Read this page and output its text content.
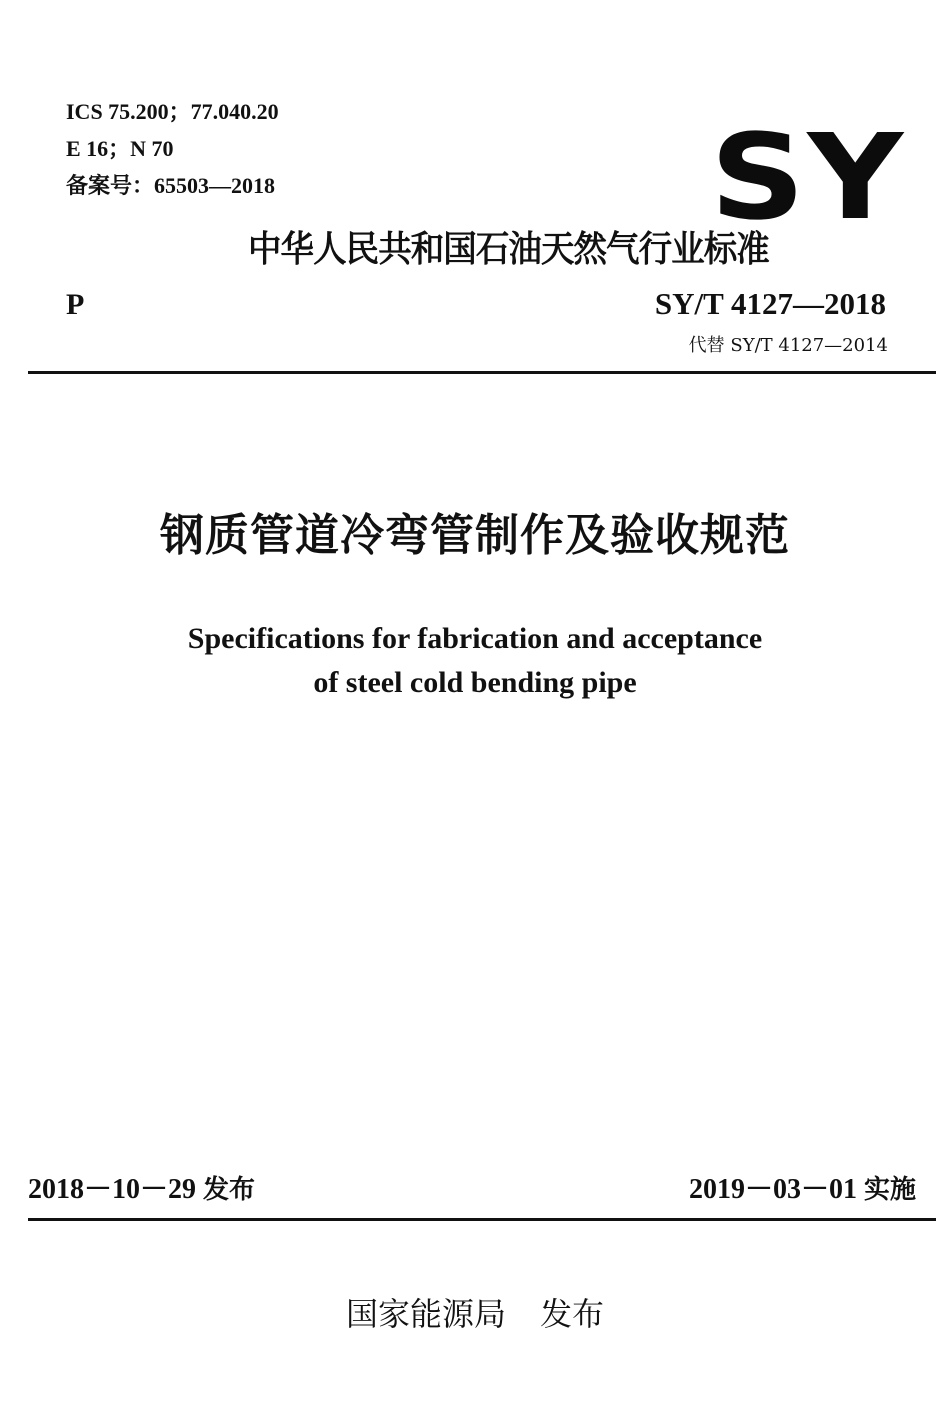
ICS 75.200；77.040.20
E 16；N 70
备案号：65503—2018	SY
中华人民共和国石油天然气行业标准
P	SY/T 4127—2018
代替 SY/T 4127—2014
钢质管道冷弯管制作及验收规范
Specifications for fabrication and acceptance
of steel cold bending pipe
2018－10－29 发布	2019－03－01 实施
国家能源局 发布
